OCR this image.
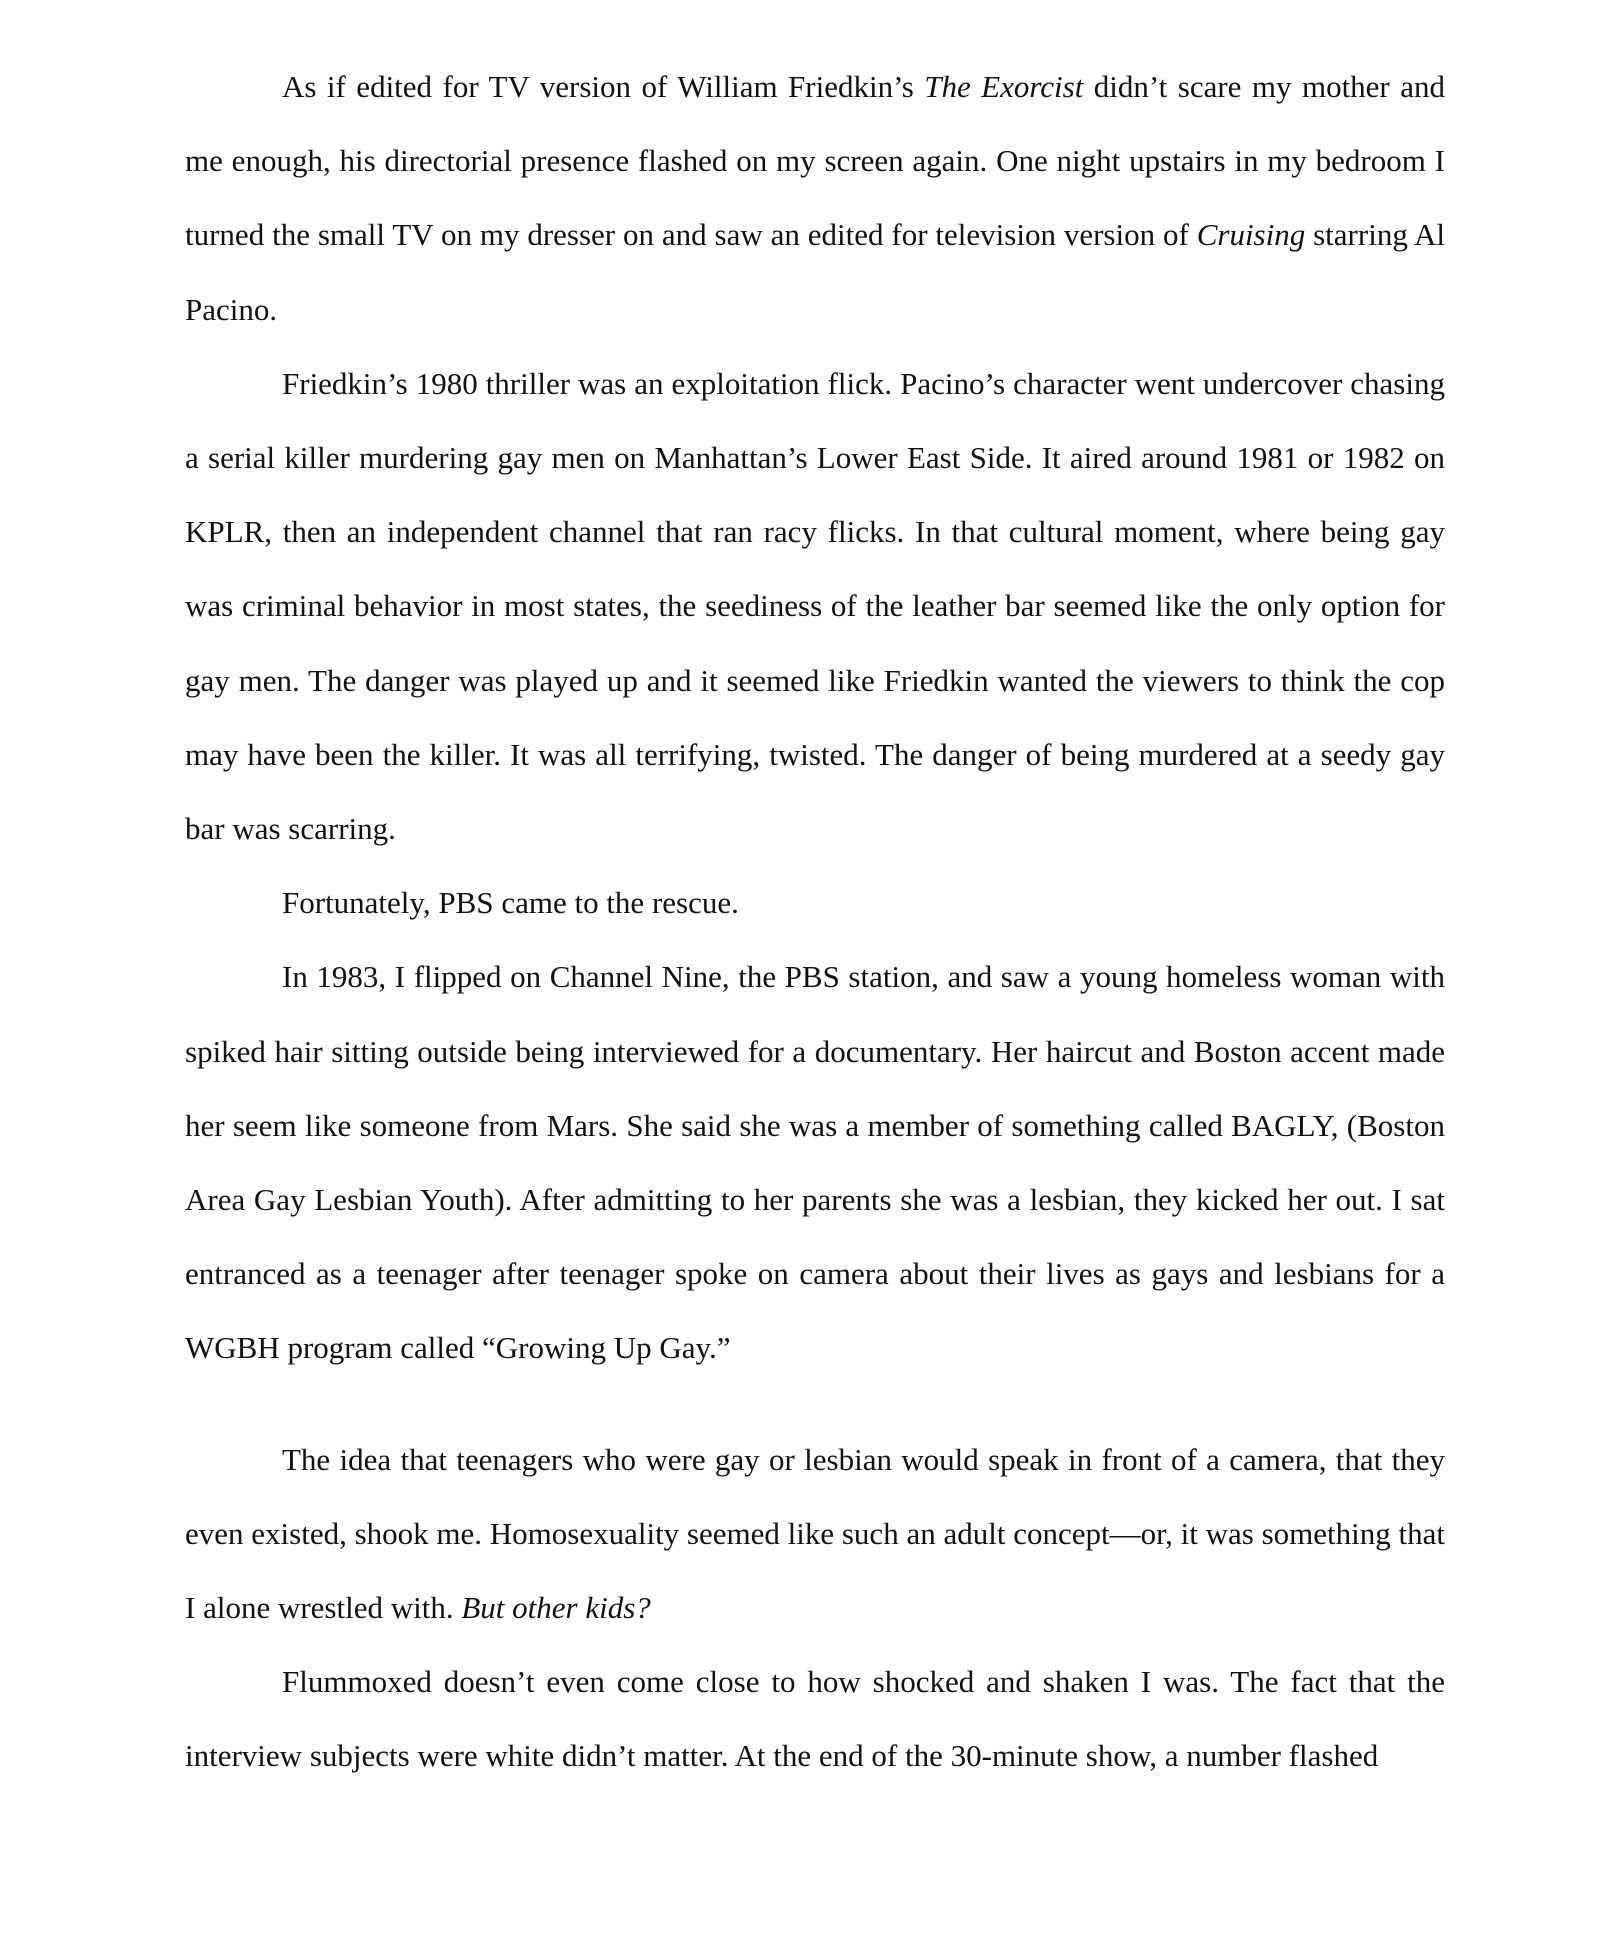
As if edited for TV version of William Friedkin’s The Exorcist didn’t scare my mother and me enough, his directorial presence flashed on my screen again. One night upstairs in my bedroom I turned the small TV on my dresser on and saw an edited for television version of Cruising starring Al Pacino.

Friedkin’s 1980 thriller was an exploitation flick. Pacino’s character went undercover chasing a serial killer murdering gay men on Manhattan’s Lower East Side. It aired around 1981 or 1982 on KPLR, then an independent channel that ran racy flicks. In that cultural moment, where being gay was criminal behavior in most states, the seediness of the leather bar seemed like the only option for gay men. The danger was played up and it seemed like Friedkin wanted the viewers to think the cop may have been the killer. It was all terrifying, twisted. The danger of being murdered at a seedy gay bar was scarring.

Fortunately, PBS came to the rescue.

In 1983, I flipped on Channel Nine, the PBS station, and saw a young homeless woman with spiked hair sitting outside being interviewed for a documentary. Her haircut and Boston accent made her seem like someone from Mars. She said she was a member of something called BAGLY, (Boston Area Gay Lesbian Youth). After admitting to her parents she was a lesbian, they kicked her out. I sat entranced as a teenager after teenager spoke on camera about their lives as gays and lesbians for a WGBH program called “Growing Up Gay.”

The idea that teenagers who were gay or lesbian would speak in front of a camera, that they even existed, shook me. Homosexuality seemed like such an adult concept—or, it was something that I alone wrestled with. But other kids?

Flummoxed doesn’t even come close to how shocked and shaken I was. The fact that the interview subjects were white didn’t matter. At the end of the 30-minute show, a number flashed
